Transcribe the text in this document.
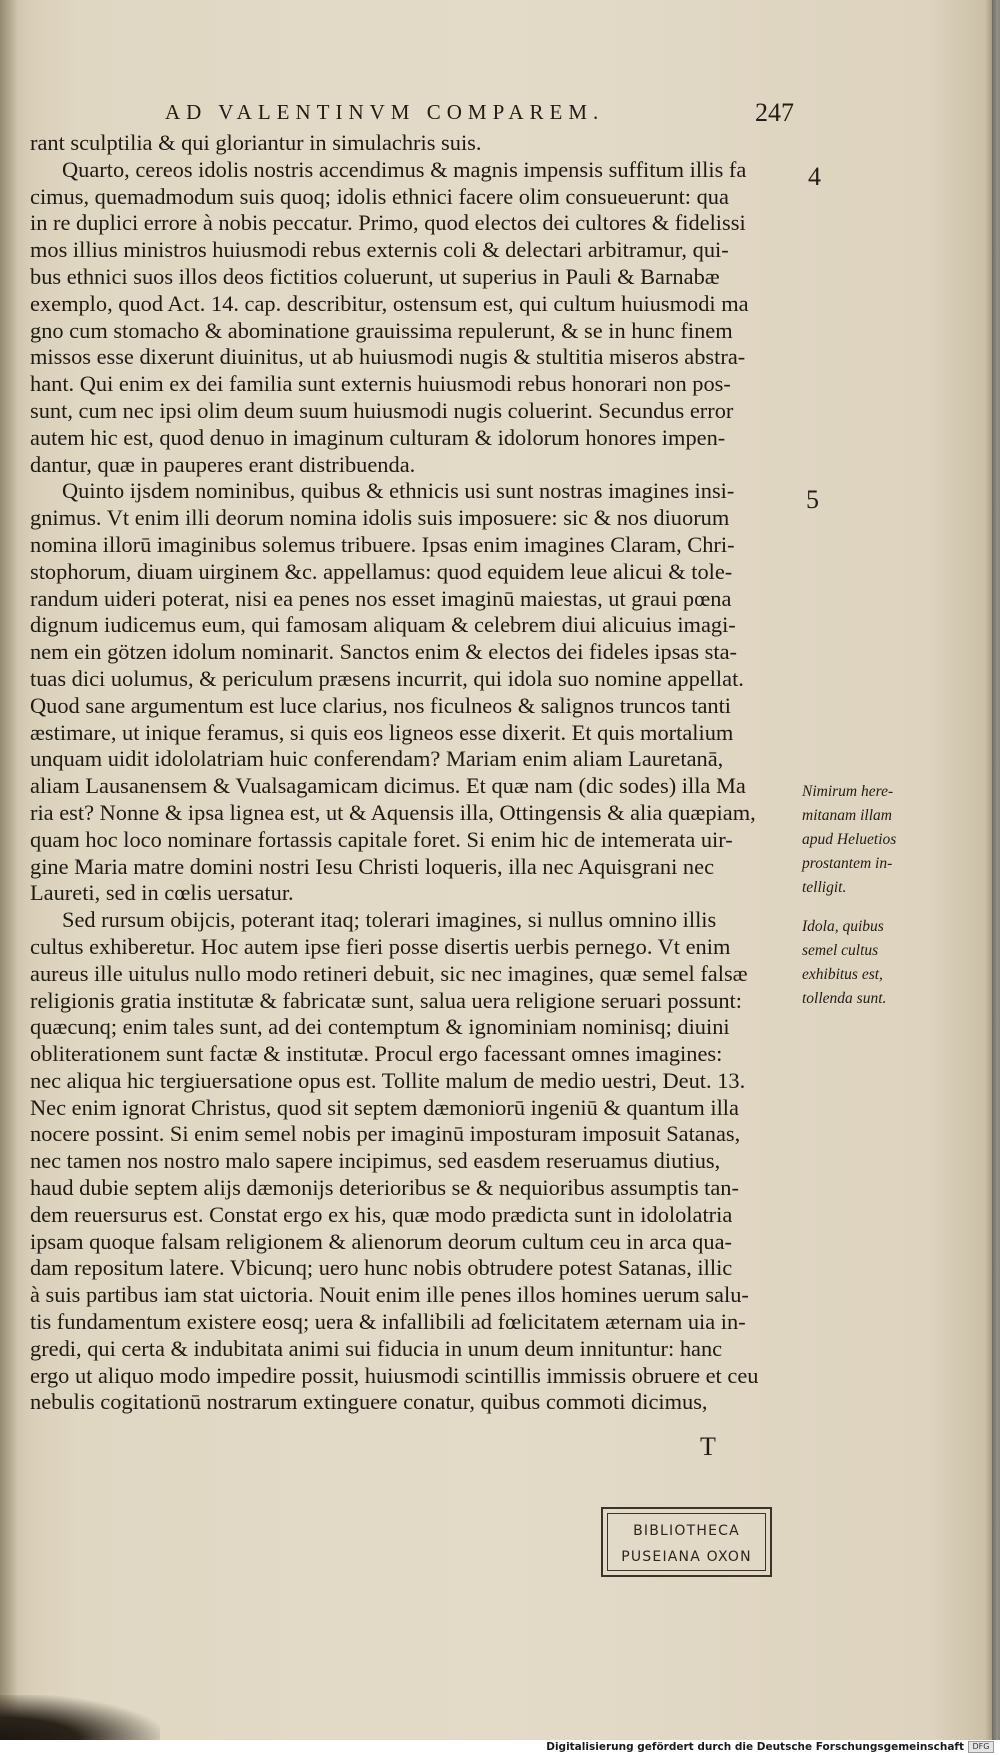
AD VALENTINVM COMPAREM.	247
rant sculptilia & qui gloriantur in simulachris suis.
Quarto, cereos idolis nostris accendimus & magnis impensis suffitum illis fa
cimus, quemadmodum suis quoq; idolis ethnici facere olim consueuerunt: qua
in re duplici errore à nobis peccatur. Primo, quod electos dei cultores & fidelissi
mos illius ministros huiusmodi rebus externis coli & delectari arbitramur, qui-
bus ethnici suos illos deos fictitios coluerunt, ut superius in Pauli & Barnabæ
exemplo, quod Act. 14. cap. describitur, ostensum est, qui cultum huiusmodi ma
gno cum stomacho & abominatione grauissima repulerunt, & se in hunc finem
missos esse dixerunt diuinitus, ut ab huiusmodi nugis & stultitia miseros abstra-
hant. Qui enim ex dei familia sunt externis huiusmodi rebus honorari non pos-
sunt, cum nec ipsi olim deum suum huiusmodi nugis coluerint. Secundus error
autem hic est, quod denuo in imaginum culturam & idolorum honores impen-
dantur, quæ in pauperes erant distribuenda.
Quinto ijsdem nominibus, quibus & ethnicis usi sunt nostras imagines insi-
gnimus. Vt enim illi deorum nomina idolis suis imposuere: sic & nos diuorum
nomina illorū imaginibus solemus tribuere. Ipsas enim imagines Claram, Chri-
stophorum, diuam uirginem &c. appellamus: quod equidem leue alicui & tole-
randum uideri poterat, nisi ea penes nos esset imaginū maiestas, ut graui pœna
dignum iudicemus eum, qui famosam aliquam & celebrem diui alicuius imagi-
nem ein götzen idolum nominarit. Sanctos enim & electos dei fideles ipsas sta-
tuas dici uolumus, & periculum præsens incurrit, qui idola suo nomine appellat.
Quod sane argumentum est luce clarius, nos ficulneos & salignos truncos tanti
æstimare, ut inique feramus, si quis eos ligneos esse dixerit. Et quis mortalium
unquam uidit idololatriam huic conferendam? Mariam enim aliam Lauretanā,
aliam Lausanensem & Vualsagamicam dicimus. Et quæ nam (dic sodes) illa Ma
ria est? Nonne & ipsa lignea est, ut & Aquensis illa, Ottingensis & alia quæpiam,
quam hoc loco nominare fortassis capitale foret. Si enim hic de intemerata uir-
gine Maria matre domini nostri Iesu Christi loqueris, illa nec Aquisgrani nec
Laureti, sed in cœlis uersatur.
Sed rursum obijcis, poterant itaq; tolerari imagines, si nullus omnino illis
cultus exhiberetur. Hoc autem ipse fieri posse disertis uerbis pernego. Vt enim
aureus ille uitulus nullo modo retineri debuit, sic nec imagines, quæ semel falsæ
religionis gratia institutæ & fabricatæ sunt, salua uera religione seruari possunt:
quæcunq; enim tales sunt, ad dei contemptum & ignominiam nominisq; diuini
obliterationem sunt factæ & institutæ. Procul ergo facessant omnes imagines:
nec aliqua hic tergiuersatione opus est. Tollite malum de medio uestri, Deut. 13.
Nec enim ignorat Christus, quod sit septem dæmoniorū ingeniū & quantum illa
nocere possint. Si enim semel nobis per imaginū imposturam imposuit Satanas,
nec tamen nos nostro malo sapere incipimus, sed easdem reseruamus diutius,
haud dubie septem alijs dæmonijs deterioribus se & nequioribus assumptis tan-
dem reuersurus est. Constat ergo ex his, quæ modo prædicta sunt in idololatria
ipsam quoque falsam religionem & alienorum deorum cultum ceu in arca qua-
dam repositum latere. Vbicunq; uero hunc nobis obtrudere potest Satanas, illic
à suis partibus iam stat uictoria. Nouit enim ille penes illos homines uerum salu-
tis fundamentum existere eosq; uera & infallibili ad fœlicitatem æternam uia in-
gredi, qui certa & indubitata animi sui fiducia in unum deum innituntur: hanc
ergo ut aliquo modo impedire possit, huiusmodi scintillis immissis obruere et ceu
nebulis cogitationū nostrarum extinguere conatur, quibus commoti dicimus,
4
5
Nimirum here-
mitanam illam
apud Heluetios
prostantem in-
telligit.
Idola, quibus
semel cultus
exhibitus est,
tollenda sunt.
T
BIBLIOTHECA
PUSEIANA OXON
Digitalisierung gefördert durch die Deutsche Forschungsgemeinschaft	DFG
